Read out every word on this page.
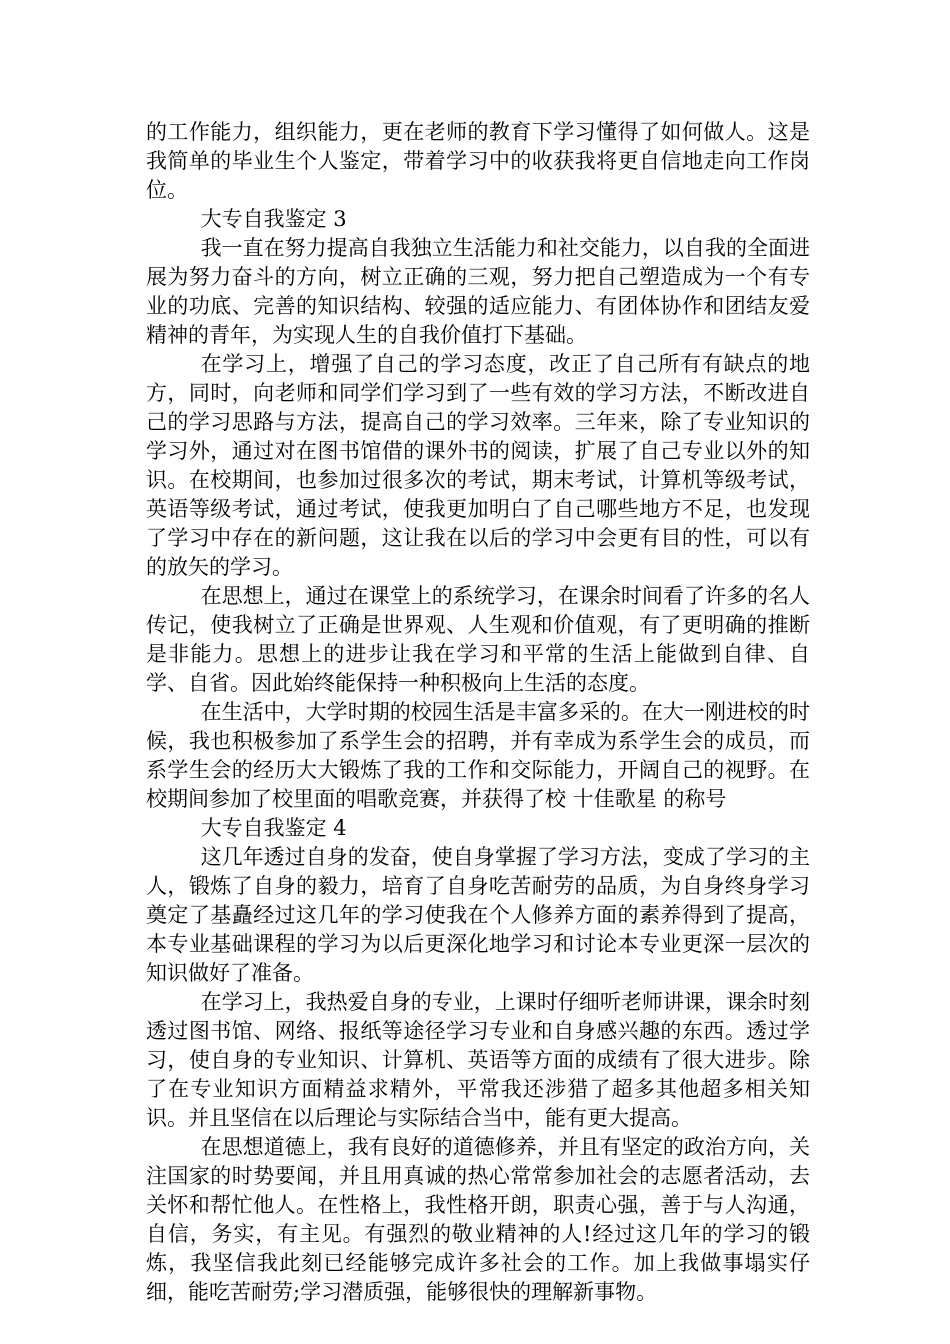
的工作能力，组织能力，更在老师的教育下学习懂得了如何做人。这是我简单的毕业生个人鉴定，带着学习中的收获我将更自信地走向工作岗位。

大专自我鉴定 3

我一直在努力提高自我独立生活能力和社交能力，以自我的全面进展为努力奋斗的方向，树立正确的三观，努力把自己塑造成为一个有专业的功底、完善的知识结构、较强的适应能力、有团体协作和团结友爱精神的青年，为实现人生的自我价值打下基础。

在学习上，增强了自己的学习态度，改正了自己所有有缺点的地方，同时，向老师和同学们学习到了一些有效的学习方法，不断改进自己的学习思路与方法，提高自己的学习效率。三年来，除了专业知识的学习外，通过对在图书馆借的课外书的阅读，扩展了自己专业以外的知识。在校期间，也参加过很多次的考试，期末考试，计算机等级考试，英语等级考试，通过考试，使我更加明白了自己哪些地方不足，也发现了学习中存在的新问题，这让我在以后的学习中会更有目的性，可以有的放矢的学习。

在思想上，通过在课堂上的系统学习，在课余时间看了许多的名人传记，使我树立了正确是世界观、人生观和价值观，有了更明确的推断是非能力。思想上的进步让我在学习和平常的生活上能做到自律、自学、自省。因此始终能保持一种积极向上生活的态度。

在生活中，大学时期的校园生活是丰富多采的。在大一刚进校的时候，我也积极参加了系学生会的招聘，并有幸成为系学生会的成员，而系学生会的经历大大锻炼了我的工作和交际能力，开阔自己的视野。在校期间参加了校里面的唱歌竞赛，并获得了校 十佳歌星 的称号

大专自我鉴定 4

这几年透过自身的发奋，使自身掌握了学习方法，变成了学习的主人，锻炼了自身的毅力，培育了自身吃苦耐劳的品质，为自身终身学习奠定了基矗经过这几年的学习使我在个人修养方面的素养得到了提高，本专业基础课程的学习为以后更深化地学习和讨论本专业更深一层次的知识做好了准备。

在学习上，我热爱自身的专业，上课时仔细听老师讲课，课余时刻透过图书馆、网络、报纸等途径学习专业和自身感兴趣的东西。透过学习，使自身的专业知识、计算机、英语等方面的成绩有了很大进步。除了在专业知识方面精益求精外，平常我还涉猎了超多其他超多相关知识。并且坚信在以后理论与实际结合当中，能有更大提高。

在思想道德上，我有良好的道德修养，并且有坚定的政治方向，关注国家的时势要闻，并且用真诚的热心常常参加社会的志愿者活动，去关怀和帮忙他人。在性格上，我性格开朗，职责心强，善于与人沟通，自信，务实，有主见。有强烈的敬业精神的人!经过这几年的学习的锻炼，我坚信我此刻已经能够完成许多社会的工作。加上我做事塌实仔细，能吃苦耐劳;学习潜质强，能够很快的理解新事物。
